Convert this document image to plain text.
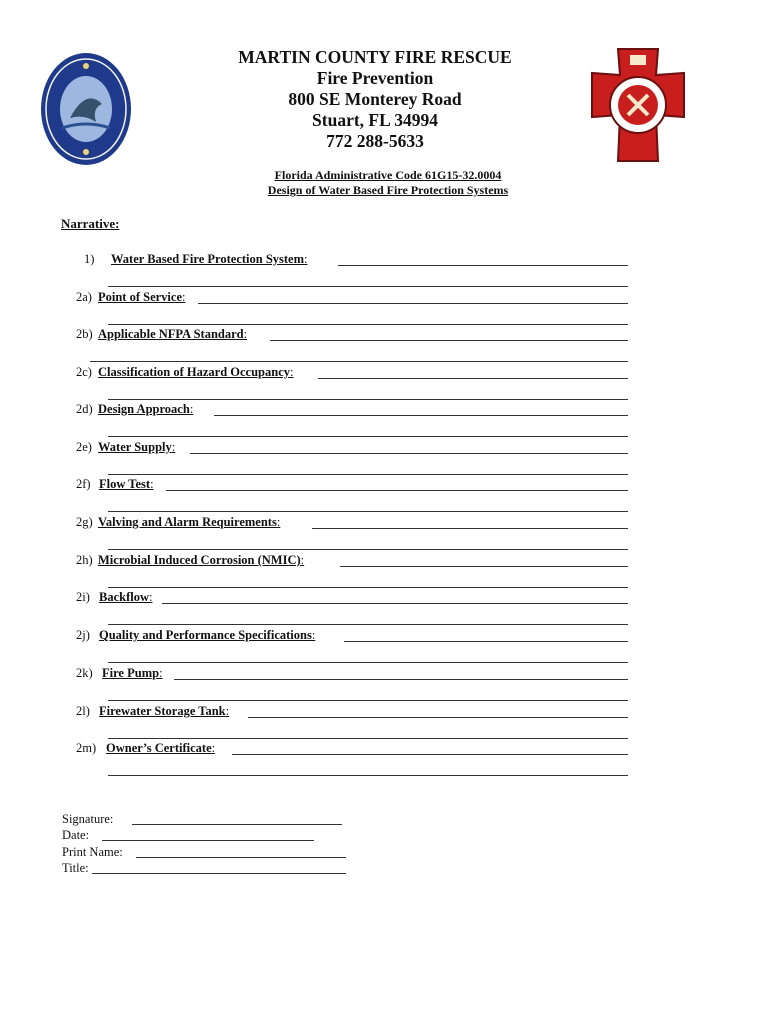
MARTIN COUNTY FIRE RESCUE
Fire Prevention
800 SE Monterey Road
Stuart, FL 34994
772 288-5633
Florida Administrative Code 61G15-32.0004
Design of Water Based Fire Protection Systems
Narrative:
1) Water Based Fire Protection System:
2a) Point of Service:
2b) Applicable NFPA Standard:
2c) Classification of Hazard Occupancy:
2d) Design Approach:
2e) Water Supply:
2f) Flow Test:
2g) Valving and Alarm Requirements:
2h) Microbial Induced Corrosion (NMIC):
2i) Backflow:
2j) Quality and Performance Specifications:
2k) Fire Pump:
2l) Firewater Storage Tank:
2m) Owner’s Certificate:
Signature:
Date:
Print Name:
Title:
